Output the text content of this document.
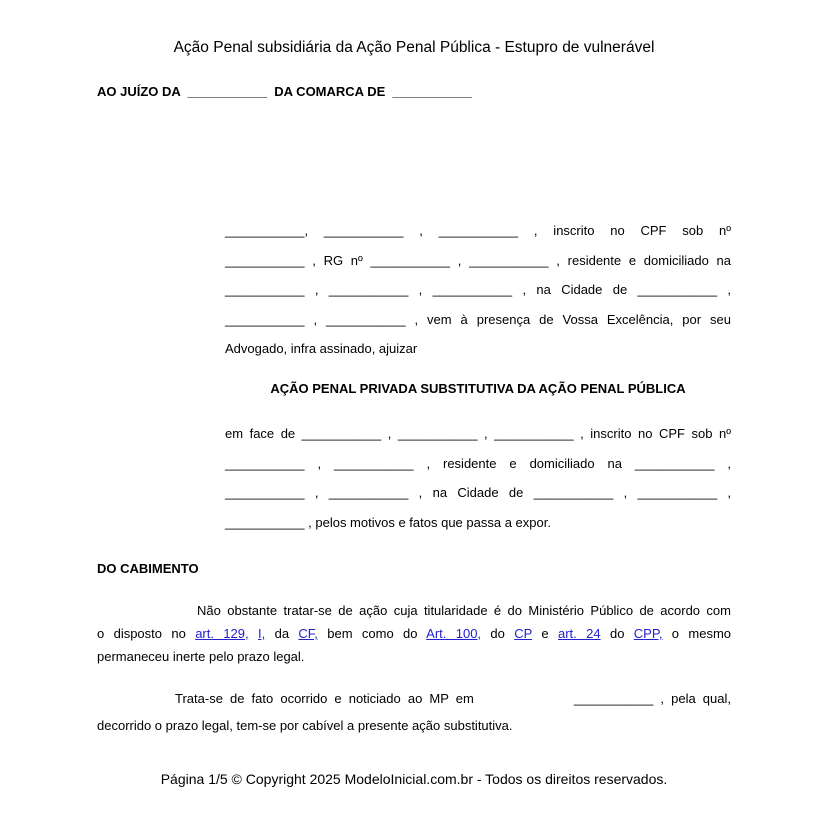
Ação Penal subsidiária da Ação Penal Pública - Estupro de vulnerável
AO JUÍZO DA  ___________  DA COMARCA DE  ___________
___________, ___________ , ___________ , inscrito no CPF sob nº
___________ , RG nº ___________ , ___________ , residente e domiciliado na
___________ , ___________ , ___________ , na Cidade de ___________ ,
___________ , ___________ , vem à presença de Vossa Excelência, por seu
Advogado, infra assinado, ajuizar
AÇÃO PENAL PRIVADA SUBSTITUTIVA DA AÇÃO PENAL PÚBLICA
em face de ___________ , ___________ , ___________ , inscrito no CPF sob nº
___________ , ___________ , residente e domiciliado na ___________ ,
___________ , ___________ , na Cidade de ___________ , ___________ ,
___________ , pelos motivos e fatos que passa a expor.
DO CABIMENTO
Não obstante tratar-se de ação cuja titularidade é do Ministério Público de acordo com
o disposto no art. 129, I, da CF, bem como do Art. 100, do CP e art. 24 do CPP, o mesmo
permaneceu inerte pelo prazo legal.
Trata-se de fato ocorrido e noticiado ao MP em	___________ , pela qual,
decorrido o prazo legal, tem-se por cabível a presente ação substitutiva.
Página 1/5 © Copyright 2025 ModeloInicial.com.br - Todos os direitos reservados.
